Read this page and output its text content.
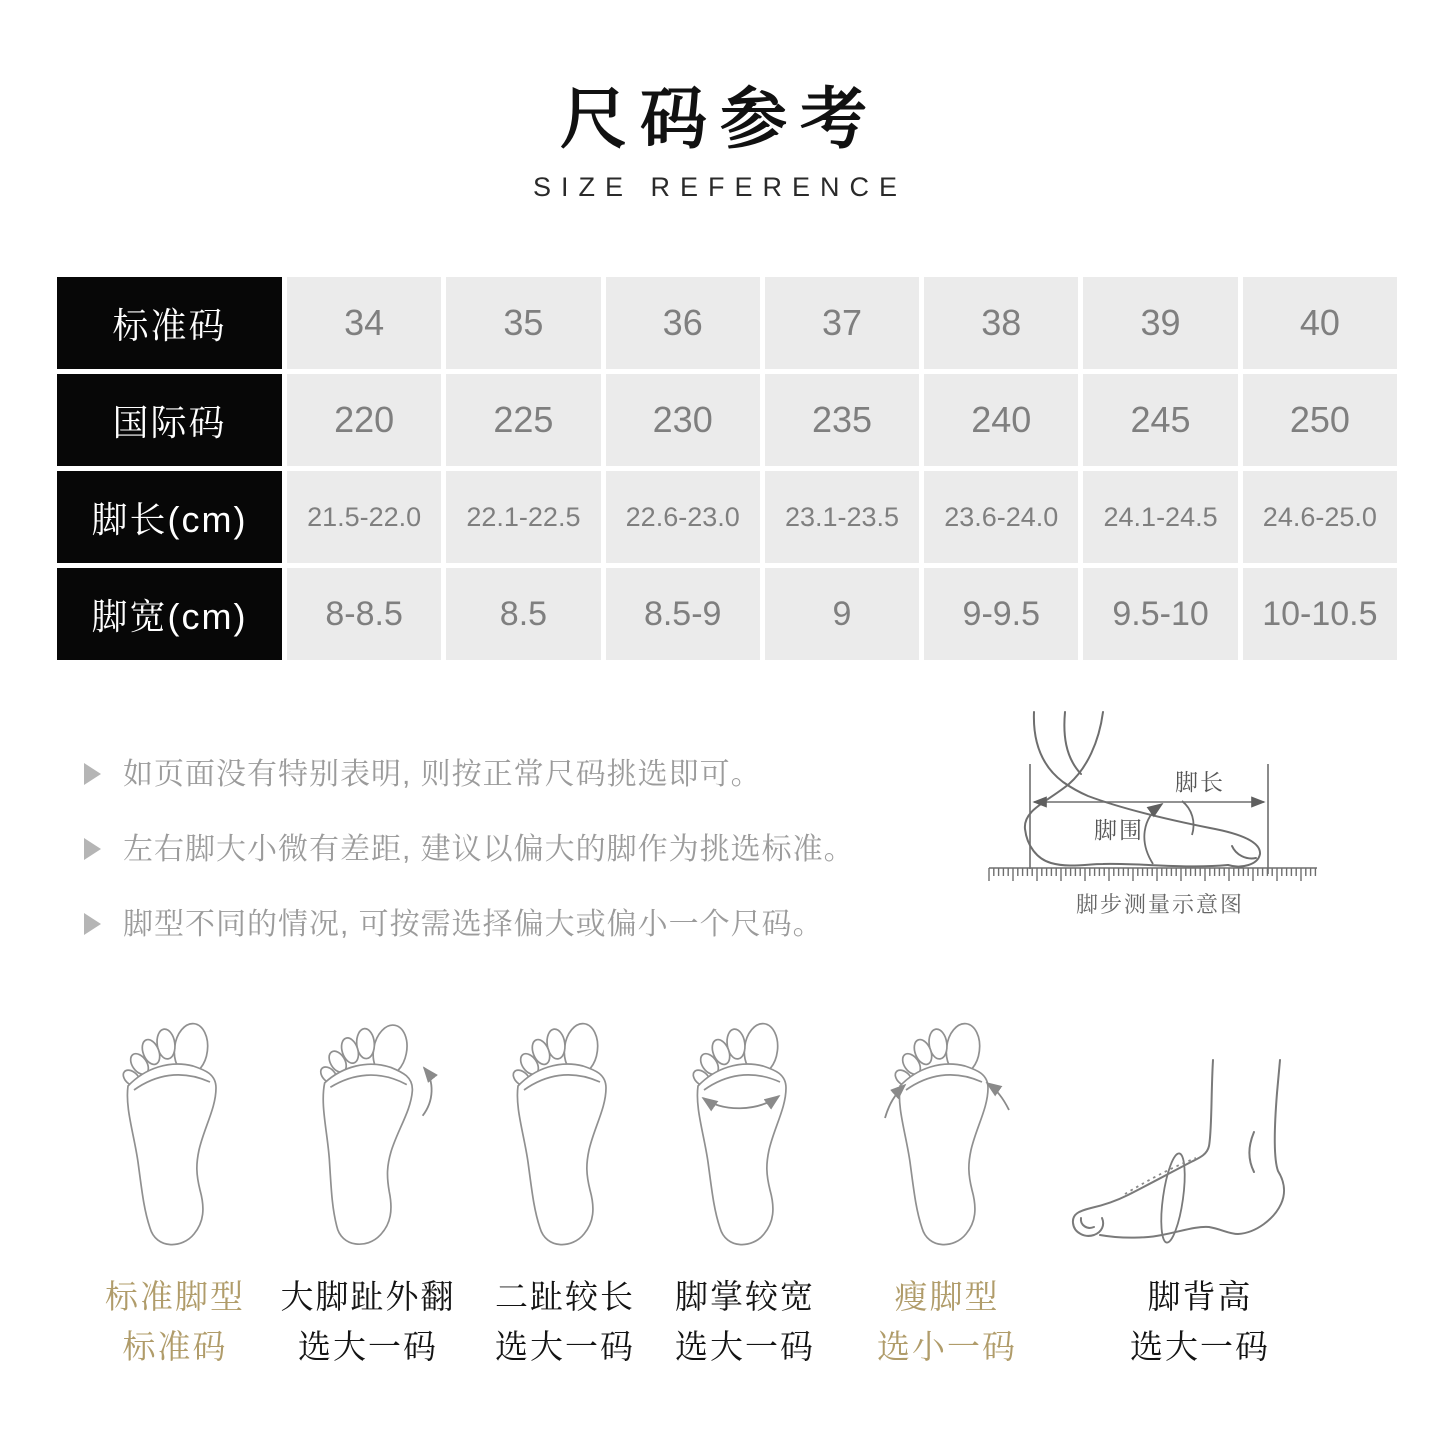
尺码参考
SIZE REFERENCE
标准码	34	35	36	37	38	39	40
国际码	220	225	230	235	240	245	250
脚长(cm)	21.5-22.0	22.1-22.5	22.6-23.0	23.1-23.5	23.6-24.0	24.1-24.5	24.6-25.0
脚宽(cm)	8-8.5	8.5	8.5-9	9	9-9.5	9.5-10	10-10.5
如页面没有特别表明, 则按正常尺码挑选即可。
左右脚大小微有差距, 建议以偏大的脚作为挑选标准。
脚型不同的情况, 可按需选择偏大或偏小一个尺码。
脚长
脚围
脚步测量示意图
标准脚型
标准码
大脚趾外翻
选大一码
二趾较长
选大一码
脚掌较宽
选大一码
瘦脚型
选小一码
脚背高
选大一码
